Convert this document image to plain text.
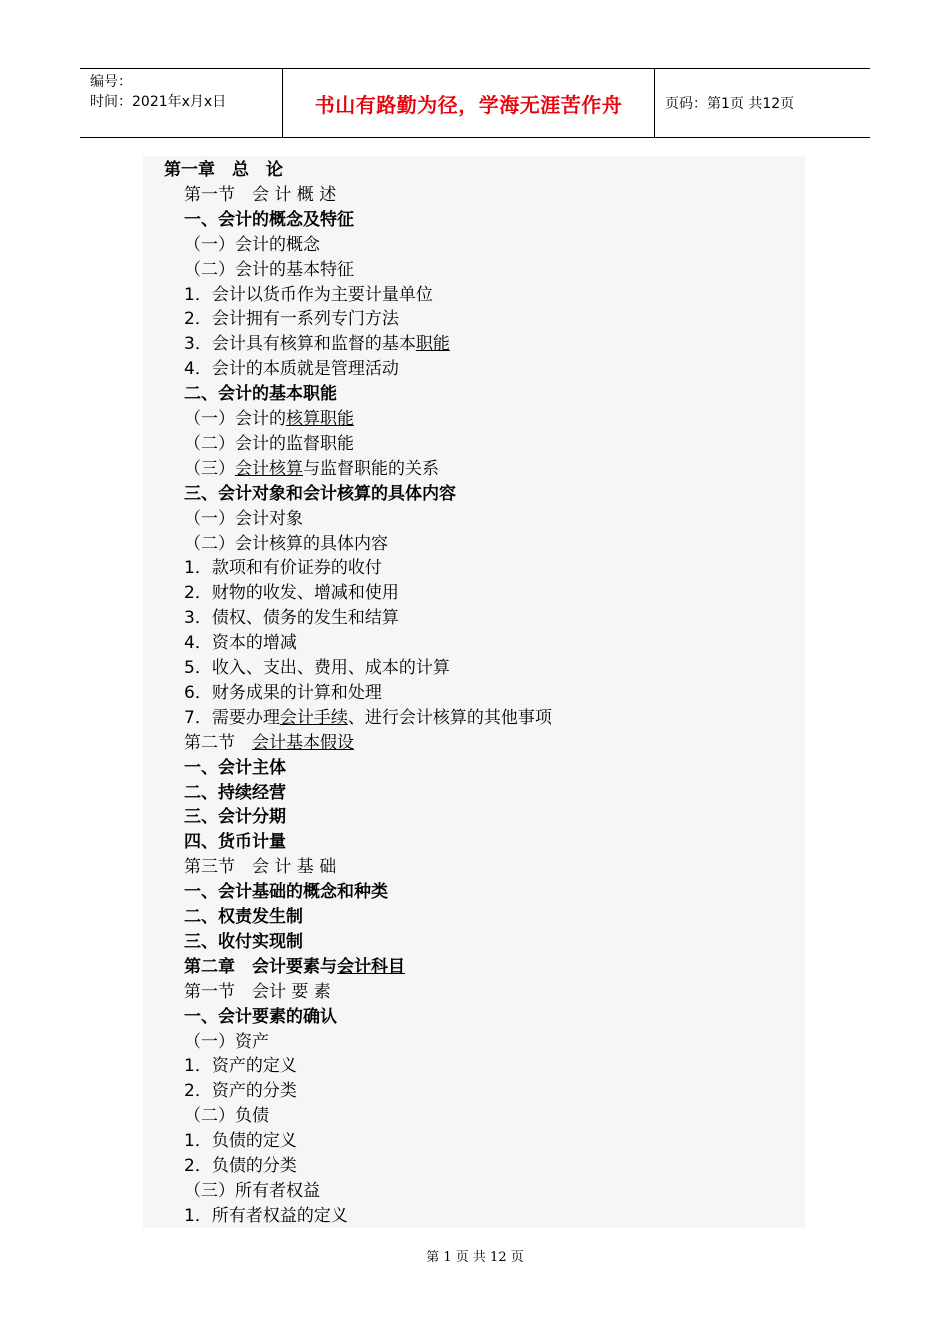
编号：
时间：2021年x月x日	书山有路勤为径，学海无涯苦作舟	页码：第1页 共12页
第一章　总　论
第一节　会 计 概 述
一、会计的概念及特征
（一）会计的概念
（二）会计的基本特征
1．会计以货币作为主要计量单位
2．会计拥有一系列专门方法
3．会计具有核算和监督的基本职能
4．会计的本质就是管理活动
二、会计的基本职能
（一）会计的核算职能
（二）会计的监督职能
（三）会计核算与监督职能的关系
三、会计对象和会计核算的具体内容
（一）会计对象
（二）会计核算的具体内容
1．款项和有价证券的收付
2．财物的收发、增减和使用
3．债权、债务的发生和结算
4．资本的增减
5．收入、支出、费用、成本的计算
6．财务成果的计算和处理
7．需要办理会计手续、进行会计核算的其他事项
第二节　会计基本假设
一、会计主体
二、持续经营
三、会计分期
四、货币计量
第三节　会 计 基 础
一、会计基础的概念和种类
二、权责发生制
三、收付实现制
第二章　会计要素与会计科目
第一节　会计 要 素
一、会计要素的确认
（一）资产
1．资产的定义
2．资产的分类
（二）负债
1．负债的定义
2．负债的分类
（三）所有者权益
1．所有者权益的定义
第 1 页 共 12 页
